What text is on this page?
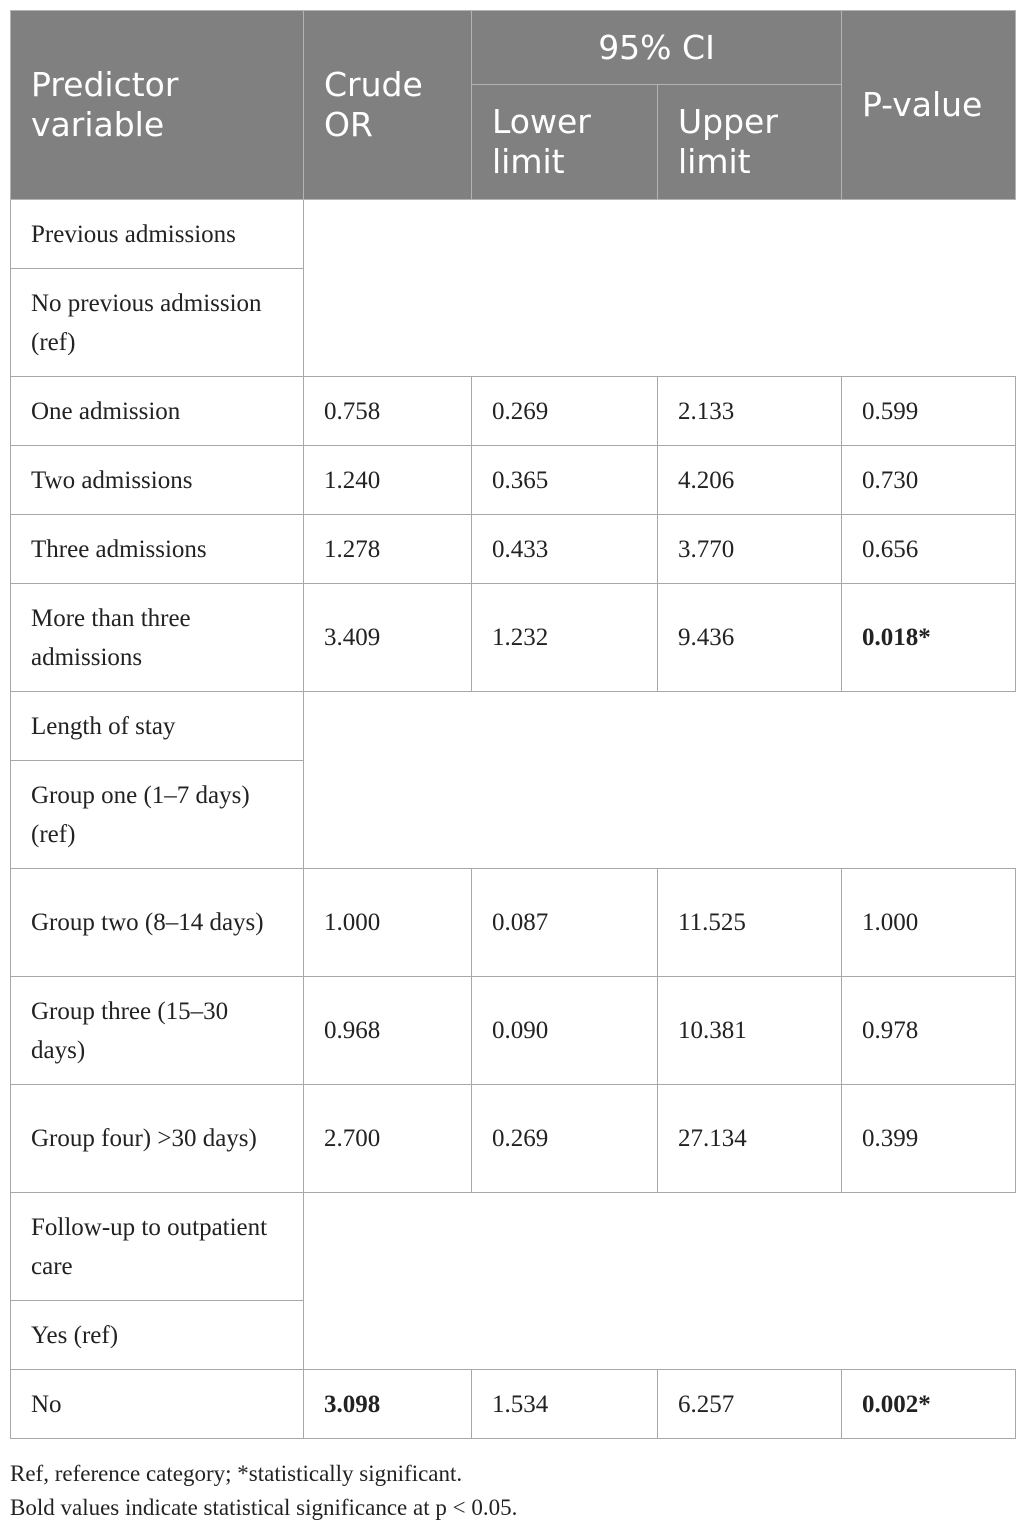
Predictor variable	Crude OR	95% CI		P-value
		Lower limit	Upper limit	
Previous admissions				
No previous admission (ref)				
One admission	0.758	0.269	2.133	0.599
Two admissions	1.240	0.365	4.206	0.730
Three admissions	1.278	0.433	3.770	0.656
More than three admissions	3.409	1.232	9.436	0.018*
Length of stay				
Group one (1–7 days) (ref)				
Group two (8–14 days)	1.000	0.087	11.525	1.000
Group three (15–30 days)	0.968	0.090	10.381	0.978
Group four) >30 days)	2.700	0.269	27.134	0.399
Follow-up to outpatient care				
Yes (ref)				
No	3.098	1.534	6.257	0.002*
Ref, reference category; *statistically significant.
Bold values indicate statistical significance at p < 0.05.
